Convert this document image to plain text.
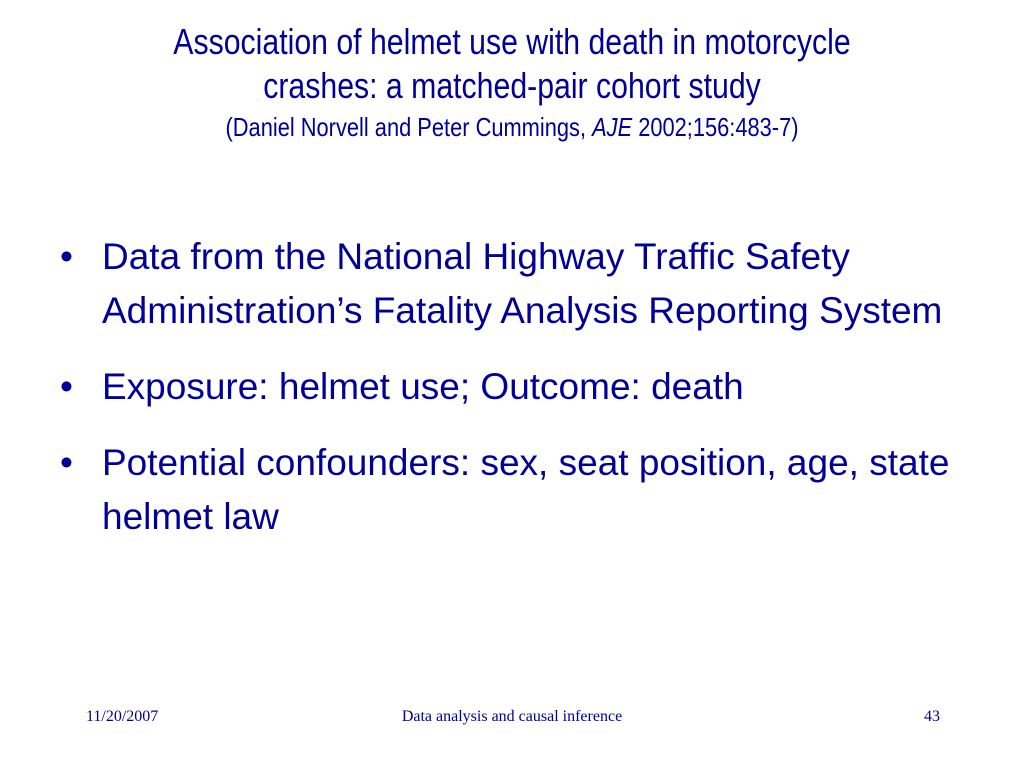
Association of helmet use with death in motorcycle
crashes: a matched-pair cohort study
(Daniel Norvell and Peter Cummings, AJE 2002;156:483-7)
• Data from the National Highway Traffic Safety Administration’s Fatality Analysis Reporting System
• Exposure: helmet use; Outcome: death
• Potential confounders: sex, seat position, age, state helmet law
11/20/2007	Data analysis and causal inference	43
